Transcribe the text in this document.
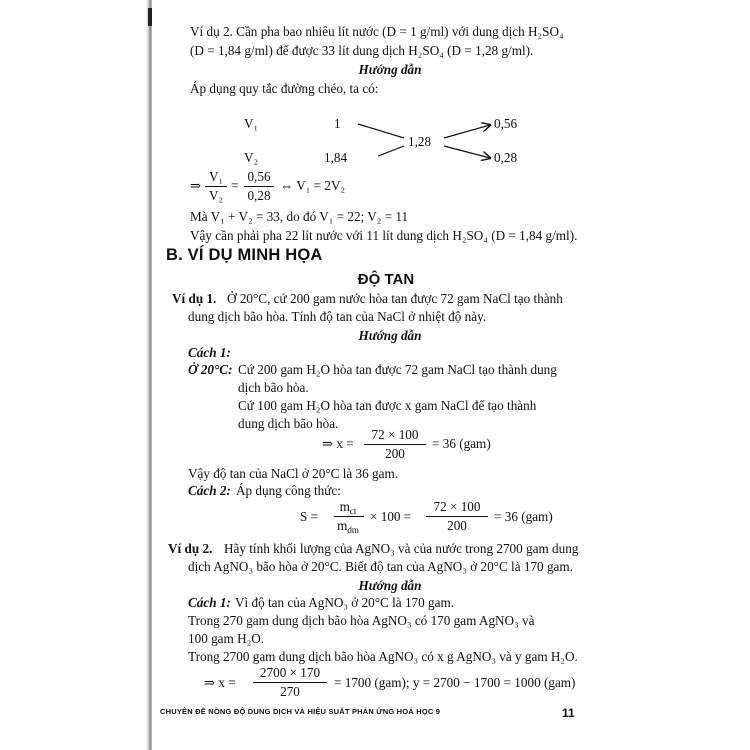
Ví dụ 2. Cần pha bao nhiêu lít nước (D = 1 g/ml) với dung dịch H₂SO₄
(D = 1,84 g/ml) để được 33 lít dung dịch H₂SO₄ (D = 1,28 g/ml).
Hướng dẫn
Áp dụng quy tắc đường chéo, ta có:
V₁
V₂
1
1,84
1,28
0,56
0,28
⇒
V₁
V₂
=
0,56
0,28
⇔ V₁ = 2V₂
Mà V₁ + V₂ = 33, do đó V₁ = 22; V₂ = 11
Vậy cần phải pha 22 lít nước với 11 lít dung dịch H₂SO₄ (D = 1,84 g/ml).
B. VÍ DỤ MINH HỌA
ĐỘ TAN
Ví dụ 1. Ở 20°C, cứ 200 gam nước hòa tan được 72 gam NaCl tạo thành
dung dịch bão hòa. Tính độ tan của NaCl ở nhiệt độ này.
Hướng dẫn
Cách 1:
Ở 20°C: Cứ 200 gam H₂O hòa tan được 72 gam NaCl tạo thành dung
dịch bão hòa.
Cứ 100 gam H₂O hòa tan được x gam NaCl để tạo thành
dung dịch bão hòa.
⇒ x =
72 × 100
200
= 36 (gam)
Vậy độ tan của NaCl ở 20°C là 36 gam.
Cách 2: Áp dụng công thức:
S =
$m_{ct}$
$m_{dm}$
× 100 =
72 × 100
200
= 36 (gam)
Ví dụ 2. Hãy tính khối lượng của AgNO₃ và của nước trong 2700 gam dung
dịch AgNO₃ bão hòa ở 20°C. Biết độ tan của AgNO₃ ở 20°C là 170 gam.
Hướng dẫn
Cách 1: Vì độ tan của AgNO₃ ở 20°C là 170 gam.
Trong 270 gam dung dịch bão hòa AgNO₃ có 170 gam AgNO₃ và
100 gam H₂O.
Trong 2700 gam dung dịch bão hòa AgNO₃ có x g AgNO₃ và y gam H₂O.
⇒ x =
2700 × 170
270
= 1700 (gam); y = 2700 − 1700 = 1000 (gam)
CHUYÊN ĐỀ NỒNG ĐỘ DUNG DỊCH VÀ HIỆU SUẤT PHẢN ỨNG HOÁ HỌC 9	11
